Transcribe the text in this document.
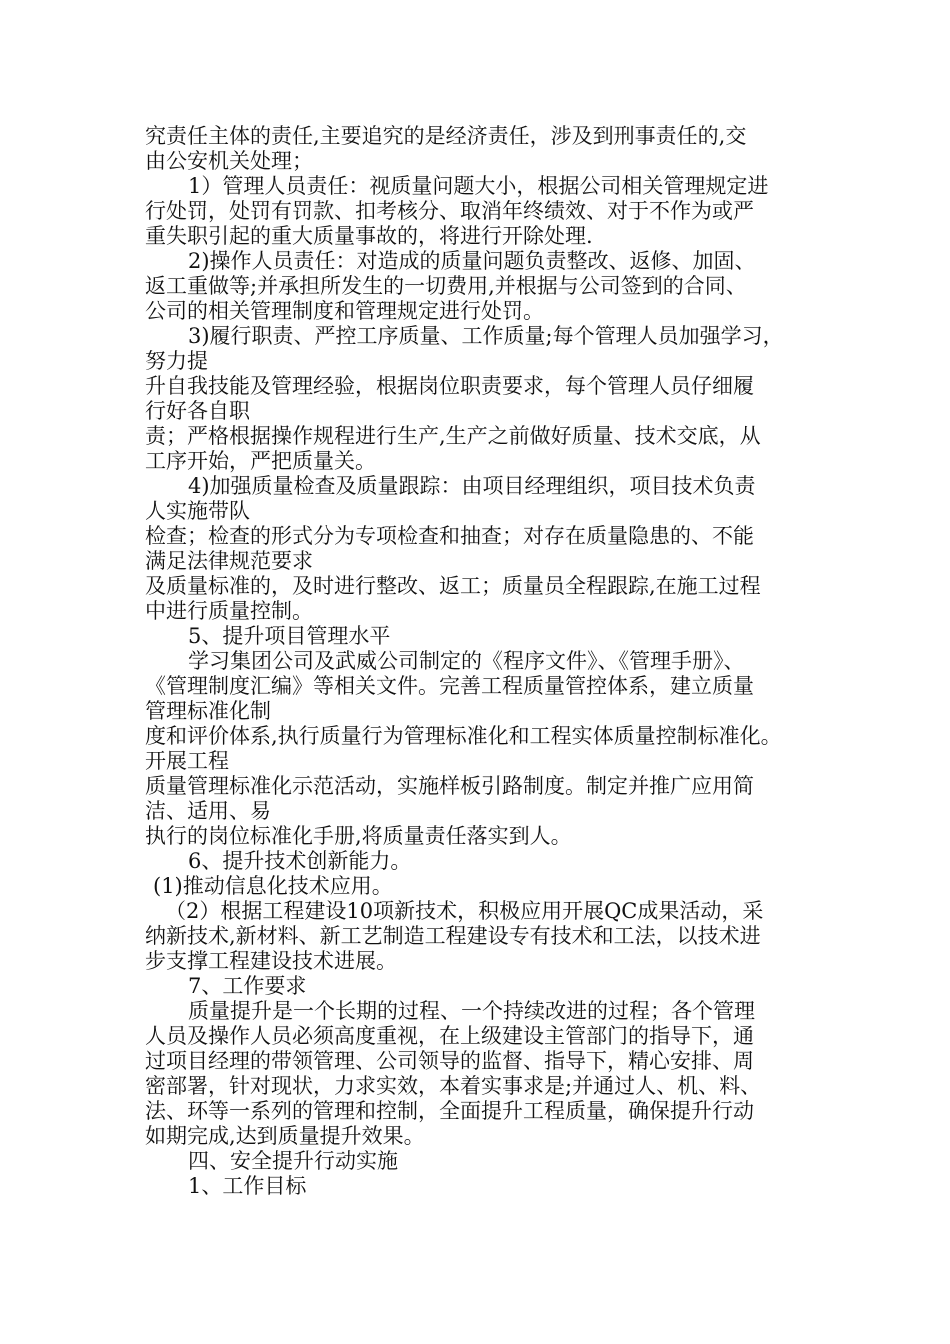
究责任主体的责任,主要追究的是经济责任，涉及到刑事责任的,交
由公安机关处理；
1）管理人员责任：视质量问题大小，根据公司相关管理规定进
行处罚，处罚有罚款、扣考核分、取消年终绩效、对于不作为或严
重失职引起的重大质量事故的，将进行开除处理.
2)操作人员责任：对造成的质量问题负责整改、返修、加固、
返工重做等;并承担所发生的一切费用,并根据与公司签到的合同、
公司的相关管理制度和管理规定进行处罚。
3)履行职责、严控工序质量、工作质量;每个管理人员加强学习，
努力提
升自我技能及管理经验，根据岗位职责要求，每个管理人员仔细履
行好各自职
责；严格根据操作规程进行生产,生产之前做好质量、技术交底，从
工序开始，严把质量关。
4)加强质量检查及质量跟踪：由项目经理组织，项目技术负责
人实施带队
检查；检查的形式分为专项检查和抽查；对存在质量隐患的、不能
满足法律规范要求
及质量标准的，及时进行整改、返工；质量员全程跟踪,在施工过程
中进行质量控制。
5、提升项目管理水平
学习集团公司及武威公司制定的《程序文件》、《管理手册》、
《管理制度汇编》等相关文件。完善工程质量管控体系，建立质量
管理标准化制
度和评价体系,执行质量行为管理标准化和工程实体质量控制标准化。
开展工程
质量管理标准化示范活动，实施样板引路制度。制定并推广应用简
洁、适用、易
执行的岗位标准化手册,将质量责任落实到人。
6、提升技术创新能力。
(1)推动信息化技术应用。
（2）根据工程建设10项新技术，积极应用开展QC成果活动，采
纳新技术,新材料、新工艺制造工程建设专有技术和工法，以技术进
步支撑工程建设技术进展。
7、工作要求
质量提升是一个长期的过程、一个持续改进的过程；各个管理
人员及操作人员必须高度重视，在上级建设主管部门的指导下，通
过项目经理的带领管理、公司领导的监督、指导下，精心安排、周
密部署，针对现状，力求实效，本着实事求是;并通过人、机、料、
法、环等一系列的管理和控制，全面提升工程质量，确保提升行动
如期完成,达到质量提升效果。
四、安全提升行动实施
1、工作目标
